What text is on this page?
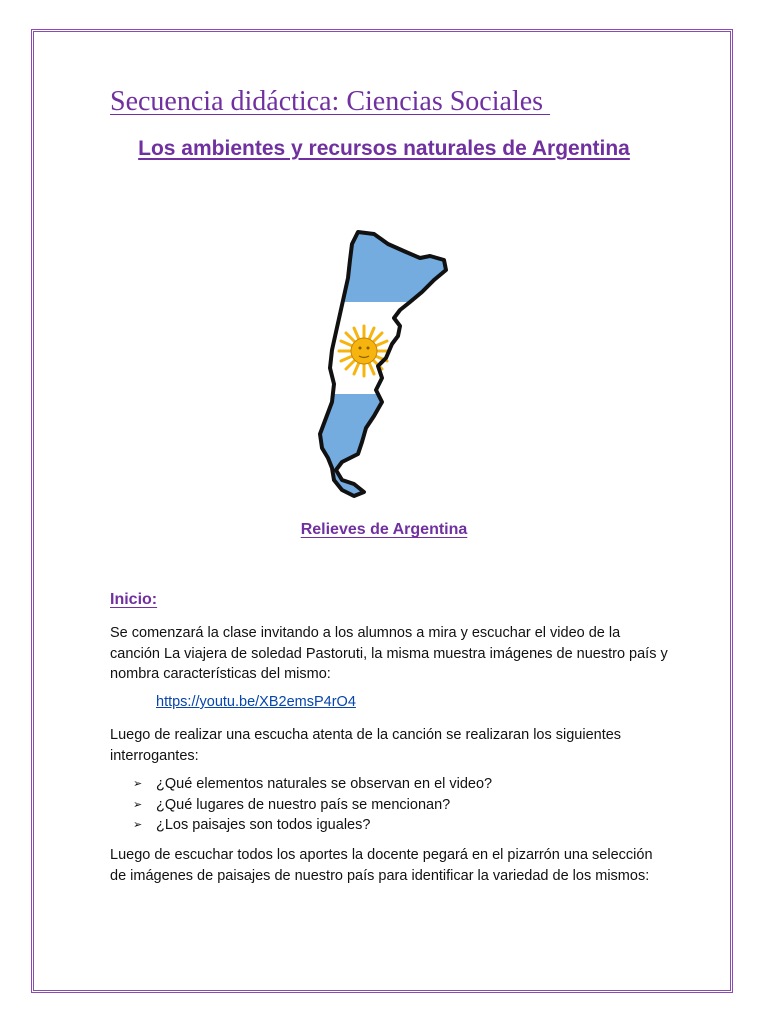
Secuencia didáctica: Ciencias Sociales
Los ambientes y recursos naturales de Argentina

Relieves de Argentina

Inicio:

Se comenzará la clase invitando a los alumnos a mira y escuchar el video de la canción La viajera de soledad Pastoruti, la misma muestra imágenes de nuestro país y nombra características del mismo:

https://youtu.be/XB2emsP4rO4

Luego de realizar una escucha atenta de la canción se realizaran los siguientes interrogantes:

➢ ¿Qué elementos naturales se observan en el video?
➢ ¿Qué lugares de nuestro país se mencionan?
➢ ¿Los paisajes son todos iguales?

Luego de escuchar todos los aportes la docente pegará en el pizarrón una selección de imágenes de paisajes de nuestro país para identificar la variedad de los mismos:
